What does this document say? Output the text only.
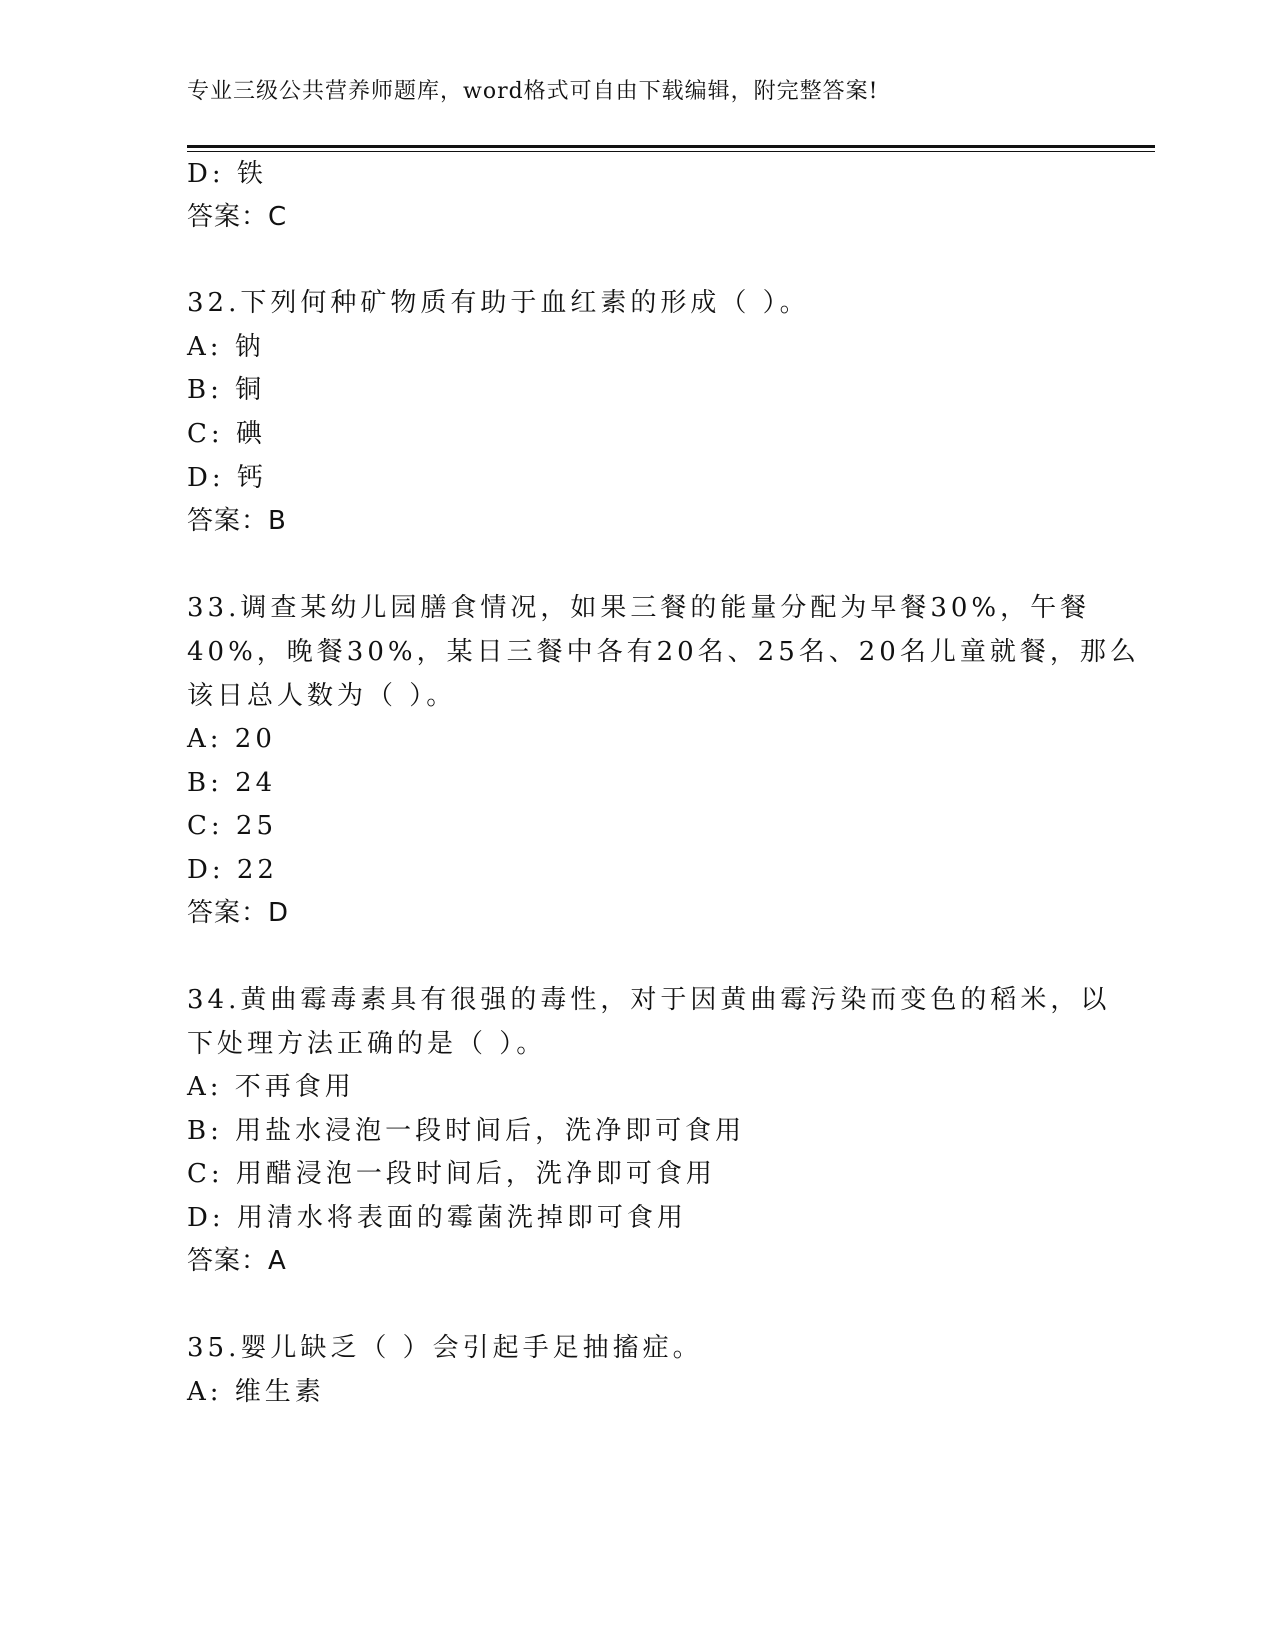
专业三级公共营养师题库，word格式可自由下载编辑，附完整答案!
D: 铁
答案：C
32.下列何种矿物质有助于血红素的形成（ ）。
A: 钠
B: 铜
C: 碘
D: 钙
答案：B
33.调查某幼儿园膳食情况，如果三餐的能量分配为早餐30%，午餐
40%，晚餐30%，某日三餐中各有20名、25名、20名儿童就餐，那么
该日总人数为（ ）。
A: 20
B: 24
C: 25
D: 22
答案：D
34.黄曲霉毒素具有很强的毒性，对于因黄曲霉污染而变色的稻米，以
下处理方法正确的是（ ）。
A: 不再食用
B: 用盐水浸泡一段时间后，洗净即可食用
C: 用醋浸泡一段时间后，洗净即可食用
D: 用清水将表面的霉菌洗掉即可食用
答案：A
35.婴儿缺乏（ ）会引起手足抽搐症。
A: 维生素
